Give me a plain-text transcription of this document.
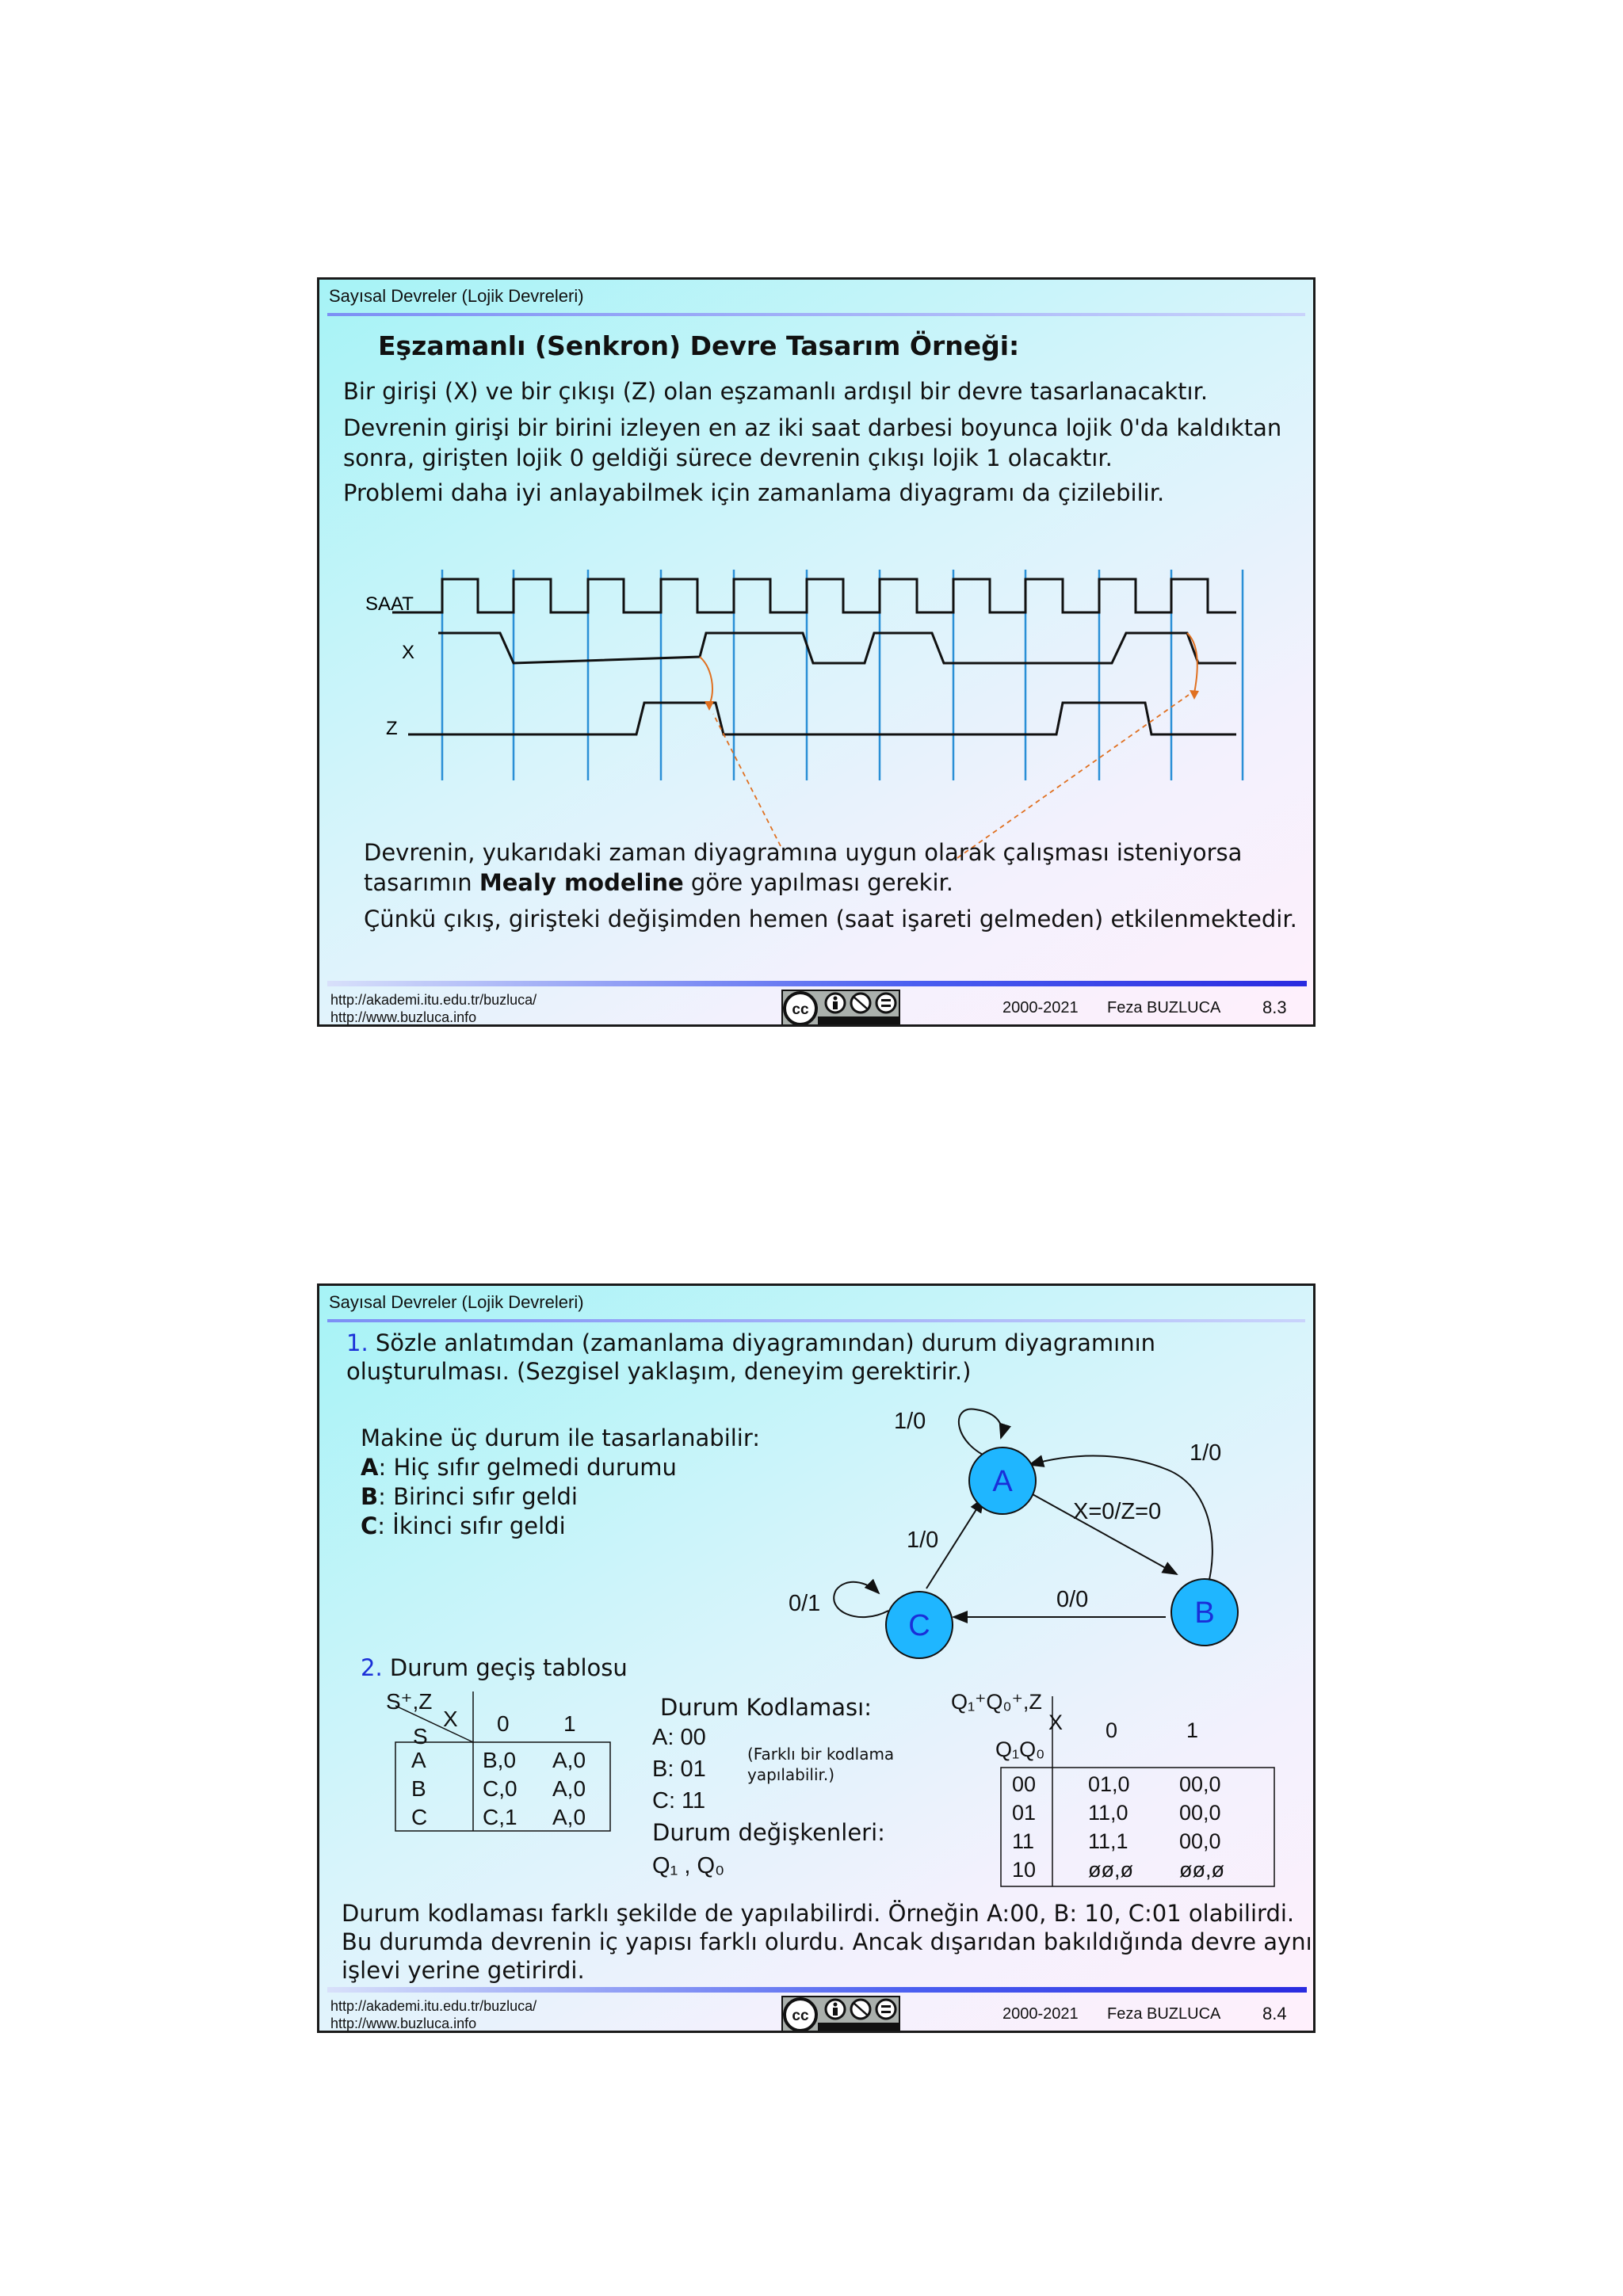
Sayısal Devreler (Lojik Devreleri)
Eşzamanlı (Senkron) Devre Tasarım Örneği:
Bir girişi (X) ve bir çıkışı (Z) olan eşzamanlı ardışıl bir devre tasarlanacaktır.
Devrenin girişi bir birini izleyen en az iki saat darbesi boyunca lojik 0'da kaldıktan
sonra, girişten lojik 0 geldiği sürece devrenin çıkışı lojik 1 olacaktır.
Problemi daha iyi anlayabilmek için zamanlama diyagramı da çizilebilir.
SAAT
X
Z
Devrenin, yukarıdaki zaman diyagramına uygun olarak çalışması isteniyorsa
tasarımın Mealy modeline göre yapılması gerekir.
Çünkü çıkış, girişteki değişimden hemen (saat işareti gelmeden) etkilenmektedir.
http://akademi.itu.edu.tr/buzluca/
http://www.buzluca.info	cc	2000-2021 Feza BUZLUCA 8.3
Sayısal Devreler (Lojik Devreleri)
1. Sözle anlatımdan (zamanlama diyagramından) durum diyagramının
oluşturulması. (Sezgisel yaklaşım, deneyim gerektirir.)
Makine üç durum ile tasarlanabilir:
A: Hiç sıfır gelmedi durumu
B: Birinci sıfır geldi
C: İkinci sıfır geldi
A
B
C
1/0
1/0
X=0/Z=0
1/0
0/0
0/1
2. Durum geçiş tablosu
S⁺,Z
X
S
0 1
A	B,0 A,0
B	C,0 A,0
C C,1 A,0
Durum Kodlaması:
A: 00
B: 01
C: 11
(Farklı bir kodlama
yapılabilir.)
Durum değişkenleri:
Q₁ , Q₀
Q₁⁺Q₀⁺,Z
X
Q₁Q₀
0	1
00 01,0 00,0
01 11,0 00,0
11	11,1 00,0
10 øø,ø øø,ø
Durum kodlaması farklı şekilde de yapılabilirdi. Örneğin A:00, B: 10, C:01 olabilirdi.
Bu durumda devrenin iç yapısı farklı olurdu. Ancak dışarıdan bakıldığında devre aynı
işlevi yerine getirirdi.
http://akademi.itu.edu.tr/buzluca/
http://www.buzluca.info	cc	2000-2021 Feza BUZLUCA 8.4
